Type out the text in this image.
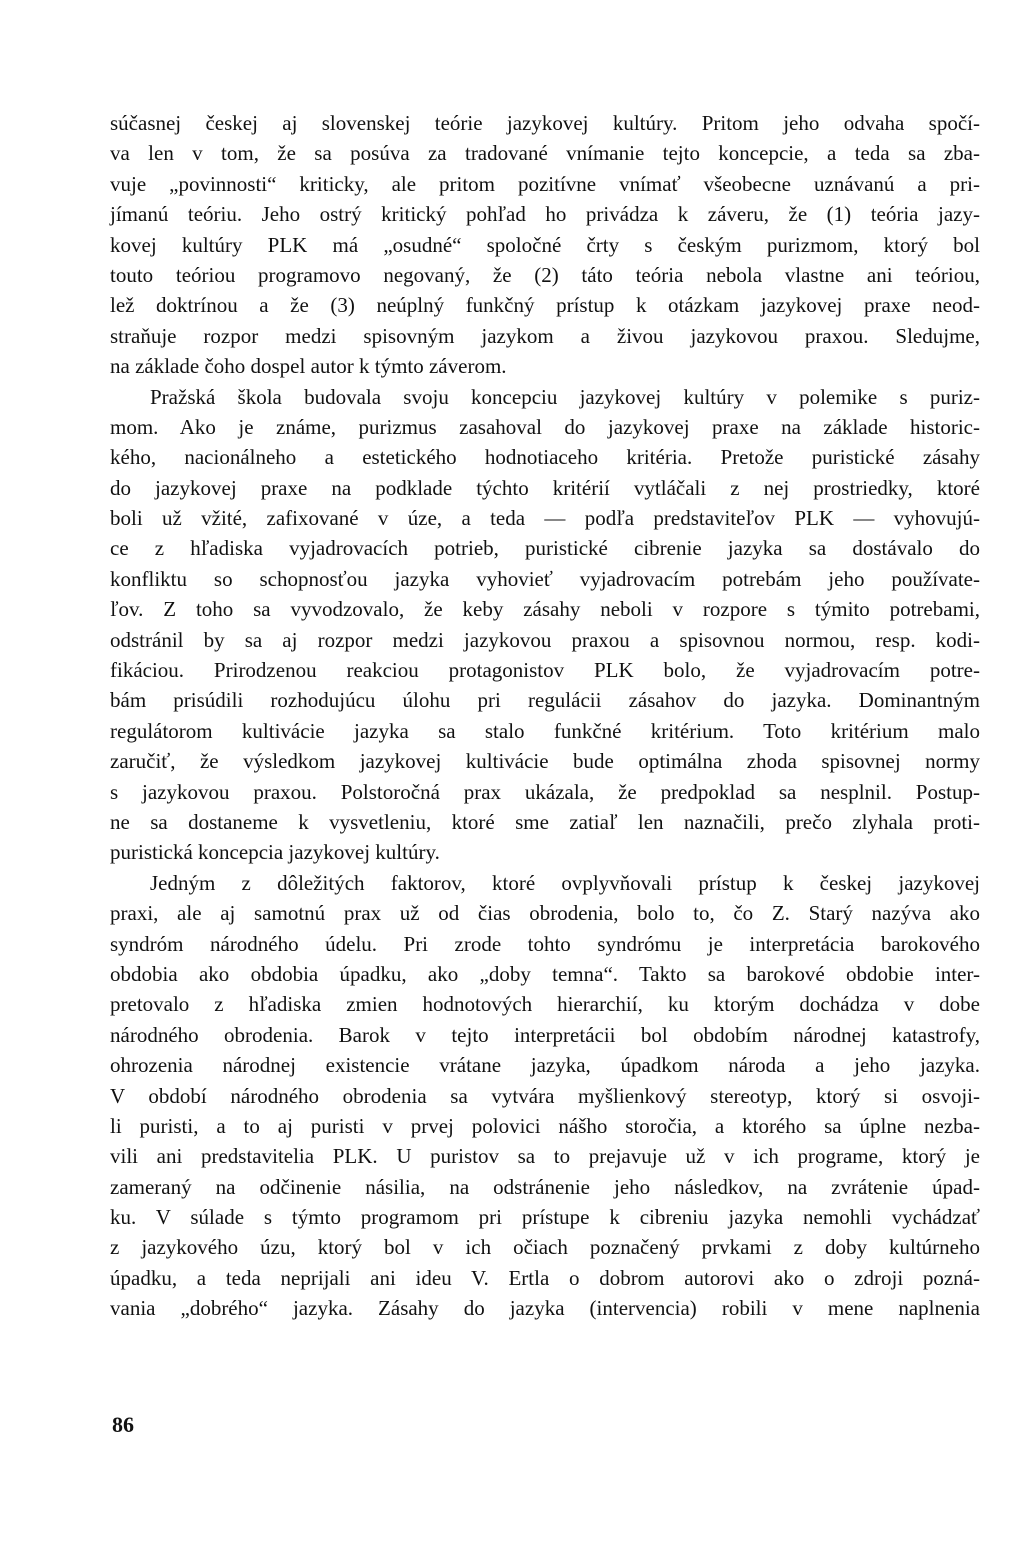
súčasnej českej aj slovenskej teórie jazykovej kultúry. Pritom jeho odvaha spočí-
va len v tom, že sa posúva za tradované vnímanie tejto koncepcie, a teda sa zba-
vuje „povinnosti“ kriticky, ale pritom pozitívne vnímať všeobecne uznávanú a pri-
jímanú teóriu. Jeho ostrý kritický pohľad ho privádza k záveru, že (1) teória jazy-
kovej kultúry PLK má „osudné“ spoločné črty s českým purizmom, ktorý bol
touto teóriou programovo negovaný, že (2) táto teória nebola vlastne ani teóriou,
lež doktrínou a že (3) neúplný funkčný prístup k otázkam jazykovej praxe neod-
straňuje rozpor medzi spisovným jazykom a živou jazykovou praxou. Sledujme,
na základe čoho dospel autor k týmto záverom.
Pražská škola budovala svoju koncepciu jazykovej kultúry v polemike s puriz-
mom. Ako je známe, purizmus zasahoval do jazykovej praxe na základe historic-
kého, nacionálneho a estetického hodnotiaceho kritéria. Pretože puristické zásahy
do jazykovej praxe na podklade týchto kritérií vytláčali z nej prostriedky, ktoré
boli už vžité, zafixované v úze, a teda — podľa predstaviteľov PLK — vyhovujú-
ce z hľadiska vyjadrovacích potrieb, puristické cibrenie jazyka sa dostávalo do
konfliktu so schopnosťou jazyka vyhovieť vyjadrovacím potrebám jeho používate-
ľov. Z toho sa vyvodzovalo, že keby zásahy neboli v rozpore s týmito potrebami,
odstránil by sa aj rozpor medzi jazykovou praxou a spisovnou normou, resp. kodi-
fikáciou. Prirodzenou reakciou protagonistov PLK bolo, že vyjadrovacím potre-
bám prisúdili rozhodujúcu úlohu pri regulácii zásahov do jazyka. Dominantným
regulátorom kultivácie jazyka sa stalo funkčné kritérium. Toto kritérium malo
zaručiť, že výsledkom jazykovej kultivácie bude optimálna zhoda spisovnej normy
s jazykovou praxou. Polstoročná prax ukázala, že predpoklad sa nesplnil. Postup-
ne sa dostaneme k vysvetleniu, ktoré sme zatiaľ len naznačili, prečo zlyhala proti-
puristická koncepcia jazykovej kultúry.
Jedným z dôležitých faktorov, ktoré ovplyvňovali prístup k českej jazykovej
praxi, ale aj samotnú prax už od čias obrodenia, bolo to, čo Z. Starý nazýva ako
syndróm národného údelu. Pri zrode tohto syndrómu je interpretácia barokového
obdobia ako obdobia úpadku, ako „doby temna“. Takto sa barokové obdobie inter-
pretovalo z hľadiska zmien hodnotových hierarchií, ku ktorým dochádza v dobe
národného obrodenia. Barok v tejto interpretácii bol obdobím národnej katastrofy,
ohrozenia národnej existencie vrátane jazyka, úpadkom národa a jeho jazyka.
V období národného obrodenia sa vytvára myšlienkový stereotyp, ktorý si osvoji-
li puristi, a to aj puristi v prvej polovici nášho storočia, a ktorého sa úplne nezba-
vili ani predstavitelia PLK. U puristov sa to prejavuje už v ich programe, ktorý je
zameraný na odčinenie násilia, na odstránenie jeho následkov, na zvrátenie úpad-
ku. V súlade s týmto programom pri prístupe k cibreniu jazyka nemohli vychádzať
z jazykového úzu, ktorý bol v ich očiach poznačený prvkami z doby kultúrneho
úpadku, a teda neprijali ani ideu V. Ertla o dobrom autorovi ako o zdroji pozná-
vania „dobrého“ jazyka. Zásahy do jazyka (intervencia) robili v mene naplnenia
86
